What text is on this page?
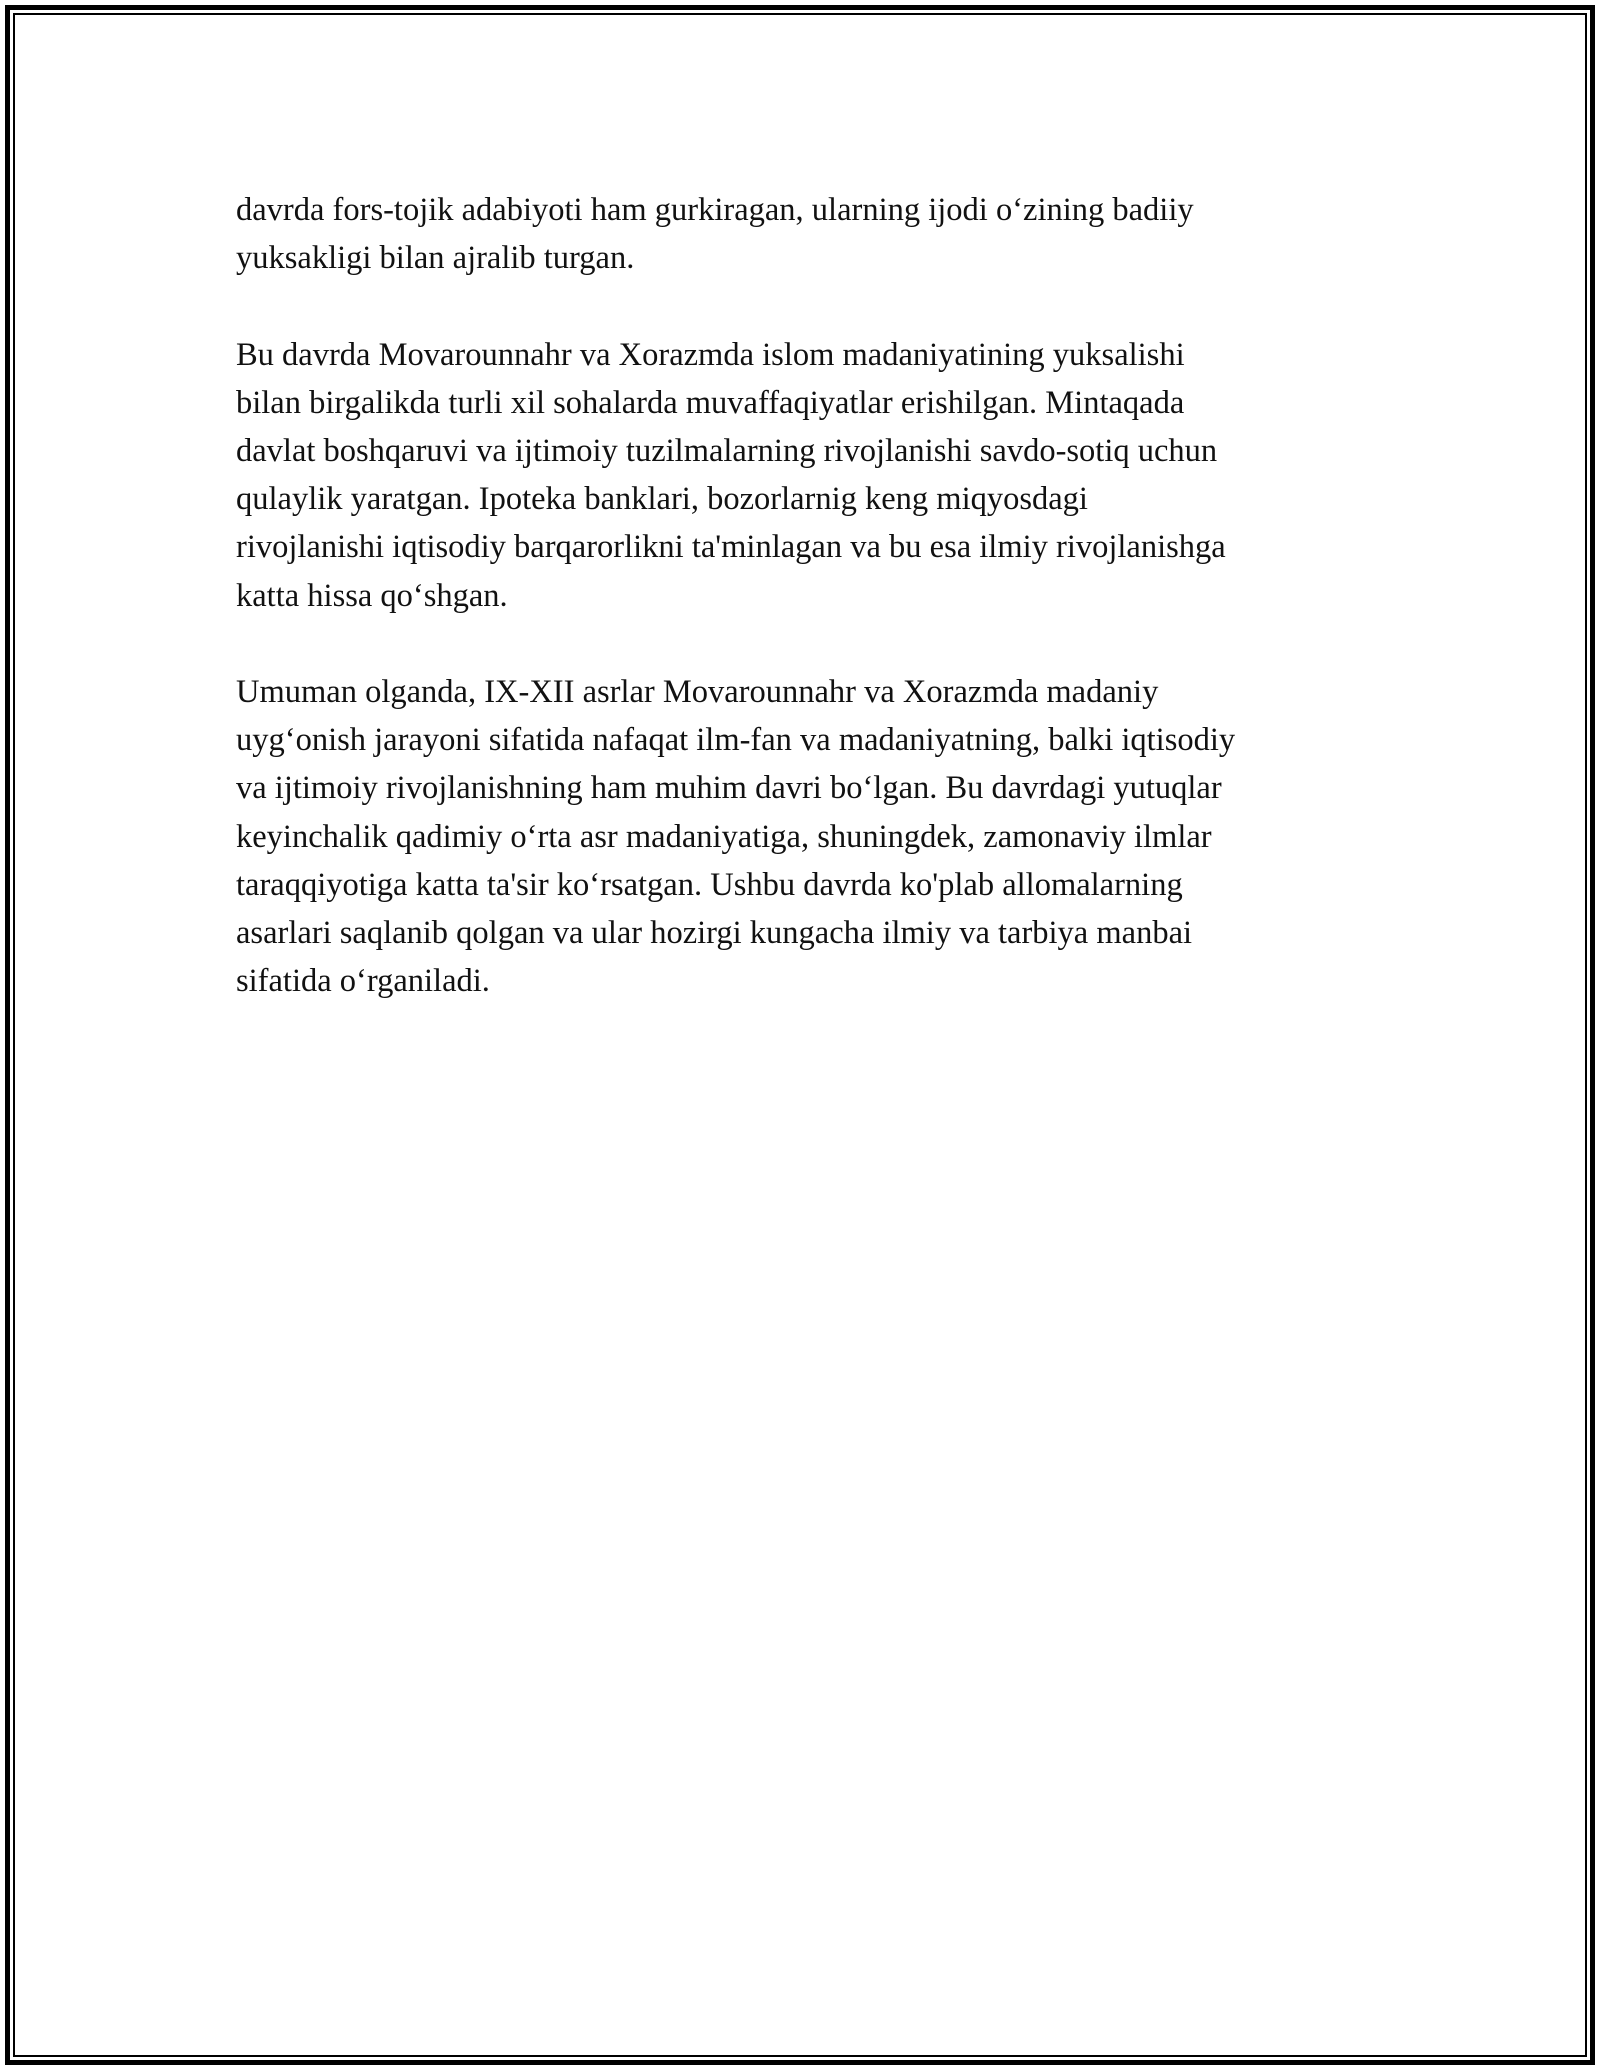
davrda fors-tojik adabiyoti ham gurkiragan, ularning ijodi o‘zining badiiy
yuksakligi bilan ajralib turgan.

Bu davrda Movarounnahr va Xorazmda islom madaniyatining yuksalishi
bilan birgalikda turli xil sohalarda muvaffaqiyatlar erishilgan. Mintaqada
davlat boshqaruvi va ijtimoiy tuzilmalarning rivojlanishi savdo-sotiq uchun
qulaylik yaratgan. Ipoteka banklari, bozorlarnig keng miqyosdagi
rivojlanishi iqtisodiy barqarorlikni ta'minlagan va bu esa ilmiy rivojlanishga
katta hissa qo‘shgan.

Umuman olganda, IX-XII asrlar Movarounnahr va Xorazmda madaniy
uyg‘onish jarayoni sifatida nafaqat ilm-fan va madaniyatning, balki iqtisodiy
va ijtimoiy rivojlanishning ham muhim davri bo‘lgan. Bu davrdagi yutuqlar
keyinchalik qadimiy o‘rta asr madaniyatiga, shuningdek, zamonaviy ilmlar
taraqqiyotiga katta ta'sir ko‘rsatgan. Ushbu davrda ko'plab allomalarning
asarlari saqlanib qolgan va ular hozirgi kungacha ilmiy va tarbiya manbai
sifatida o‘rganiladi.
